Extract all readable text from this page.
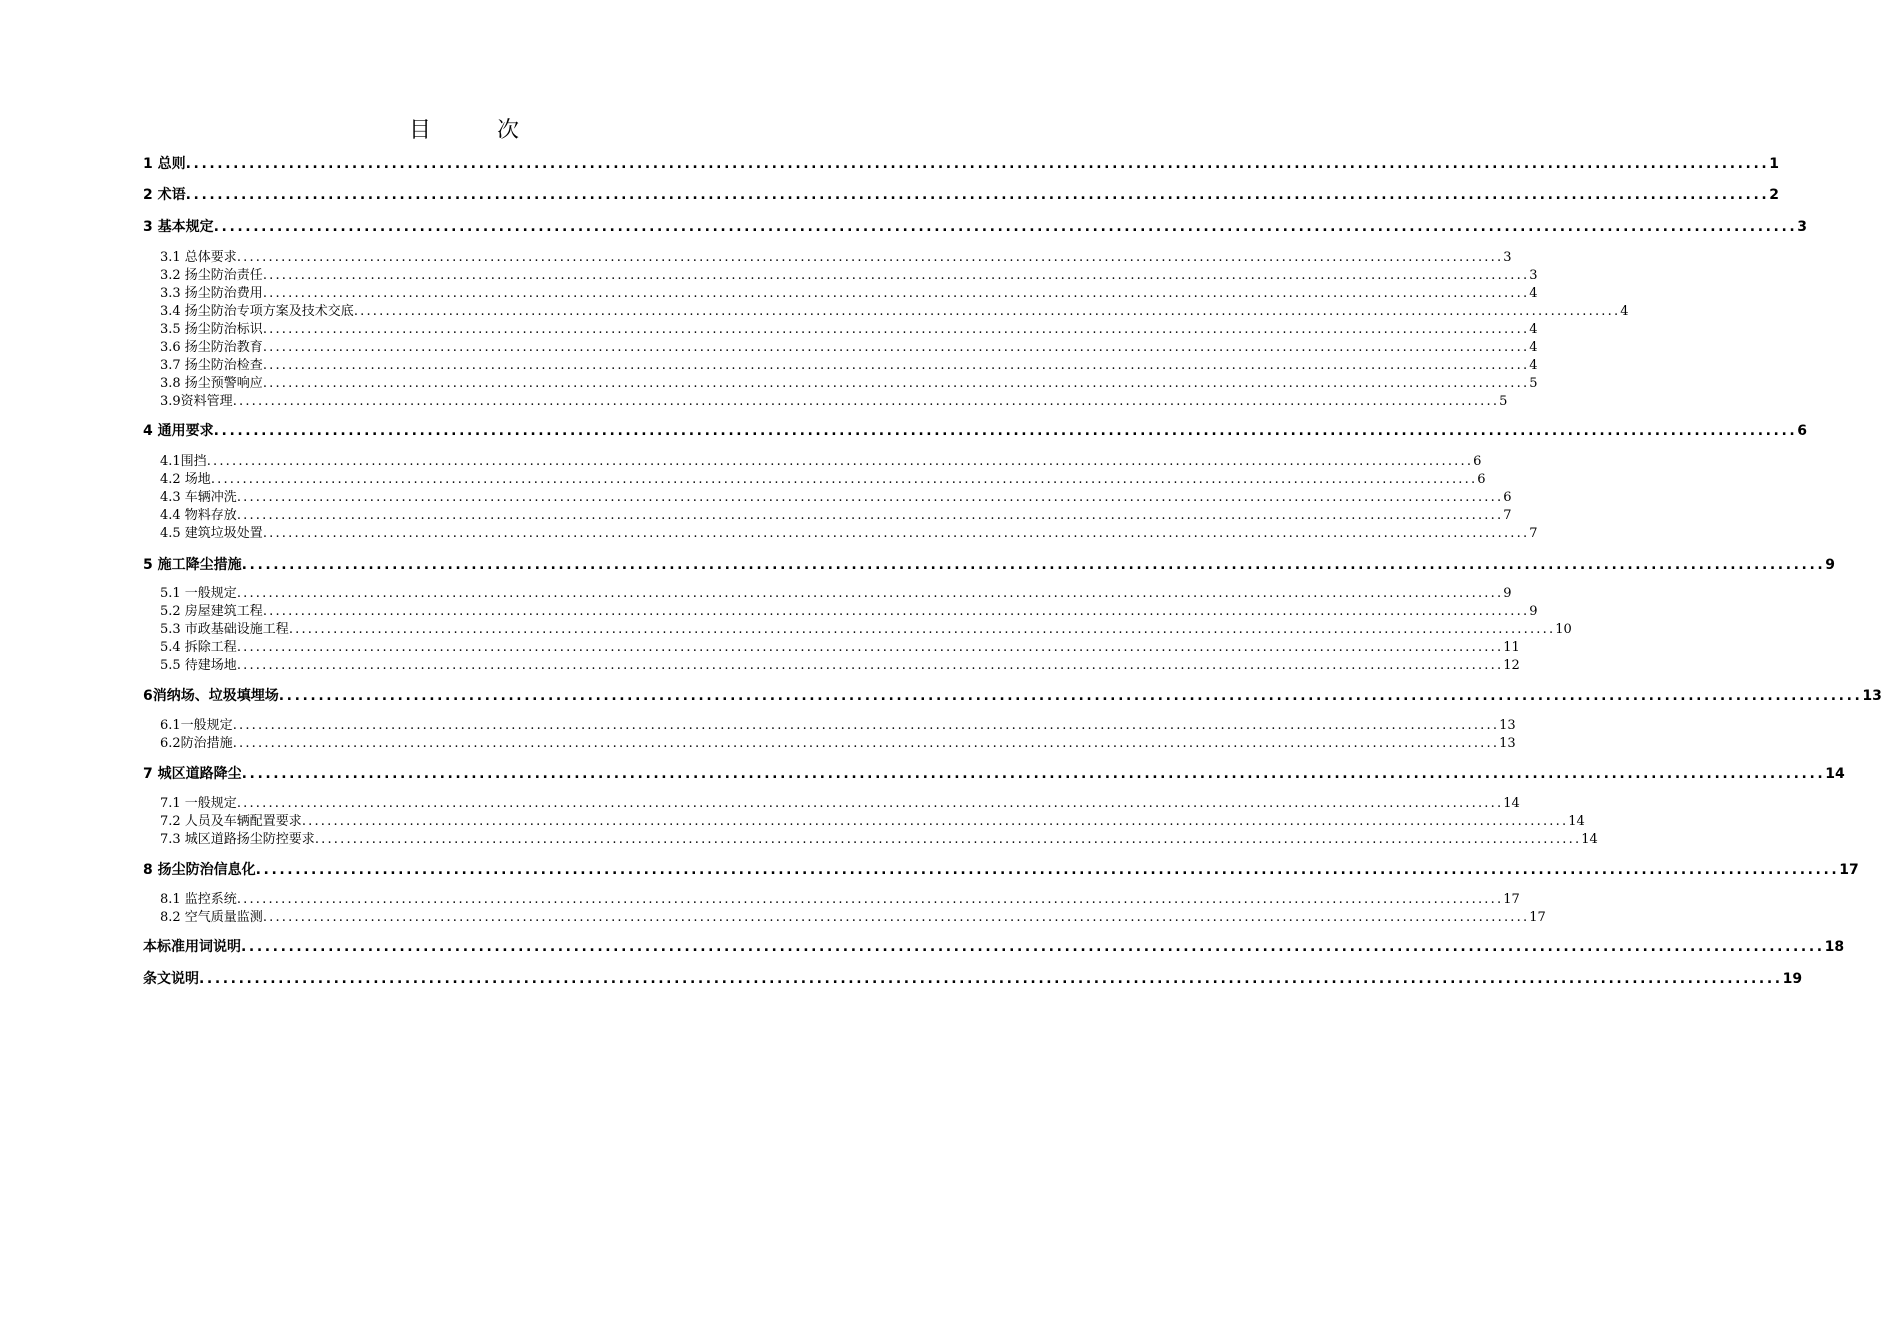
目　次
1 总则 ........................................................................................................................................................................................................ 1
2 术语 ........................................................................................................................................................................................................ 2
3 基本规定 ........................................................................................................................................................................................................ 3
3.1 总体要求 ........................................................................................................................................................................................................ 3
3.2 扬尘防治责任 ........................................................................................................................................................................................................ 3
3.3 扬尘防治费用 ........................................................................................................................................................................................................ 4
3.4 扬尘防治专项方案及技术交底 ........................................................................................................................................................................................................ 4
3.5 扬尘防治标识 ........................................................................................................................................................................................................ 4
3.6 扬尘防治教育 ........................................................................................................................................................................................................ 4
3.7 扬尘防治检查 ........................................................................................................................................................................................................ 4
3.8 扬尘预警响应 ........................................................................................................................................................................................................ 5
3.9资料管理 ........................................................................................................................................................................................................ 5
4 通用要求 ........................................................................................................................................................................................................ 6
4.1围挡 ........................................................................................................................................................................................................ 6
4.2 场地 ........................................................................................................................................................................................................ 6
4.3 车辆冲洗 ........................................................................................................................................................................................................ 6
4.4 物料存放 ........................................................................................................................................................................................................ 7
4.5 建筑垃圾处置 ........................................................................................................................................................................................................ 7
5 施工降尘措施 ........................................................................................................................................................................................................ 9
5.1 一般规定 ........................................................................................................................................................................................................ 9
5.2 房屋建筑工程 ........................................................................................................................................................................................................ 9
5.3 市政基础设施工程 ........................................................................................................................................................................................................ 10
5.4 拆除工程 ........................................................................................................................................................................................................ 11
5.5 待建场地 ........................................................................................................................................................................................................ 12
6消纳场、垃圾填埋场 ........................................................................................................................................................................................................ 13
6.1一般规定 ........................................................................................................................................................................................................ 13
6.2防治措施 ........................................................................................................................................................................................................ 13
7 城区道路降尘 ........................................................................................................................................................................................................ 14
7.1 一般规定 ........................................................................................................................................................................................................ 14
7.2 人员及车辆配置要求 ........................................................................................................................................................................................................ 14
7.3 城区道路扬尘防控要求 ........................................................................................................................................................................................................ 14
8 扬尘防治信息化 ........................................................................................................................................................................................................ 17
8.1 监控系统 ........................................................................................................................................................................................................ 17
8.2 空气质量监测 ........................................................................................................................................................................................................ 17
本标准用词说明 ........................................................................................................................................................................................................ 18
条文说明 ........................................................................................................................................................................................................ 19
